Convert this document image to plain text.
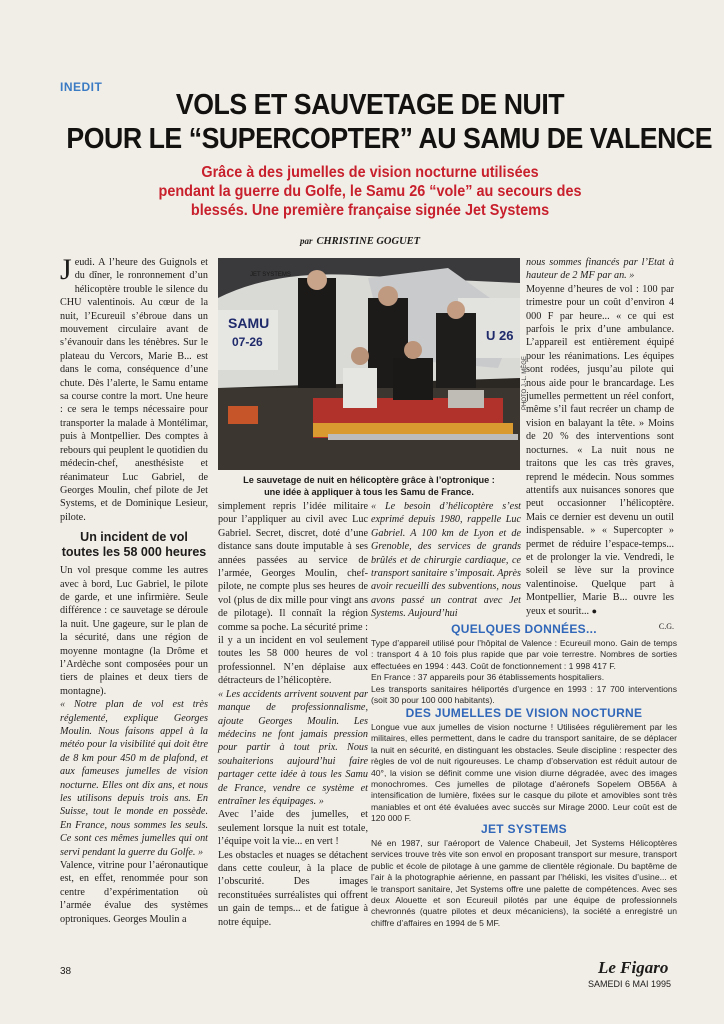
INEDIT
VOLS ET SAUVETAGE DE NUIT
POUR LE “SUPERCOPTER” AU SAMU DE VALENCE
Grâce à des jumelles de vision nocturne utilisées
pendant la guerre du Golfe, le Samu 26 “vole” au secours des
blessés. Une première française signée Jet Systems
par CHRISTINE GOGUET

Jeudi. A l’heure des Guignols et du dîner, le ronronnement d’un hélicoptère trouble le silence du CHU valentinois. Au cœur de la nuit, l’Ecureuil s’ébroue dans un mouvement circulaire avant de s’évanouir dans les ténèbres. Sur le plateau du Vercors, Marie B... est dans le coma, conséquence d’une chute. Dès l’alerte, le Samu entame sa course contre la mort. Une heure : ce sera le temps nécessaire pour transporter la malade à Montélimar, puis à Montpellier. Des comptes à rebours qui peuplent le quotidien du médecin-chef, anesthésiste et réanimateur Luc Gabriel, de Georges Moulin, chef pilote de Jet Systems, et de Dominique Lesieur, pilote.

Un incident de vol toutes les 58 000 heures

Un vol presque comme les autres avec à bord, Luc Gabriel, le pilote de garde, et une infirmière. Seule différence : ce sauvetage se déroule la nuit. Une gageure, sur le plan de la sécurité, dans une région de moyenne montagne (la Drôme et l’Ardèche sont composées pour un tiers de plaines et deux tiers de montagne).

« Notre plan de vol est très réglementé, explique Georges Moulin. Nous faisons appel à la météo pour la visibilité qui doit être de 8 km pour 450 m de plafond, et aux fameuses jumelles de vision nocturne. Elles ont dix ans, et nous les utilisons depuis trois ans. En Suisse, tout le monde en possède. En France, nous sommes les seuls. Ce sont ces mêmes jumelles qui ont servi pendant la guerre du Golfe. »

Valence, vitrine pour l’aéronautique est, en effet, renommée pour son centre d’expérimentation où l’armée évalue des systèmes optroniques. Georges Moulin a

JET SYSTEMS
SAMU
07-26	U 26
PHOTO J.-L. MÈGE
Le sauvetage de nuit en hélicoptère grâce à l’optronique :
une idée à appliquer à tous les Samu de France.

simplement repris l’idée militaire pour l’appliquer au civil avec Luc Gabriel. Secret, discret, doté d’une distance sans doute imputable à ses années passées au service de l’armée, Georges Moulin, chef-pilote, ne compte plus ses heures de vol (plus de dix mille pour vingt ans de pilotage). Il connaît la région comme sa poche. La sécurité prime : il y a un incident en vol seulement toutes les 58 000 heures de vol professionnel. N’en déplaise aux détracteurs de l’hélicoptère.

« Les accidents arrivent souvent par manque de professionnalisme, ajoute Georges Moulin. Les médecins ne font jamais pression pour partir à tout prix. Nous souhaiterions aujourd’hui faire partager cette idée à tous les Samu de France, vendre ce système et entraîner les équipages. »

Avec l’aide des jumelles, et seulement lorsque la nuit est totale, l’équipe voit la vie... en vert !

Les obstacles et nuages se détachent dans cette couleur, à la place de l’obscurité. Des images reconstituées surréalistes qui offrent un gain de temps... et de fatigue à notre équipe.

« Le besoin d’hélicoptère s’est exprimé depuis 1980, rappelle Luc Gabriel. A 100 km de Lyon et de Grenoble, des services de grands brûlés et de chirurgie cardiaque, ce transport sanitaire s’imposait. Après avoir recueilli des subventions, nous avons passé un contrat avec Jet Systems. Aujourd’hui

nous sommes financés par l’Etat à hauteur de 2 MF par an. »

Moyenne d’heures de vol : 100 par trimestre pour un coût d’environ 4 000 F par heure... « ce qui est parfois le prix d’une ambulance. L’appareil est entièrement équipé pour les réanimations. Les équipes sont rodées, jusqu’au pilote qui nous aide pour le brancardage. Les jumelles permettent un réel confort, même s’il faut recréer un champ de vision en balayant la tête. » Moins de 20 % des interventions sont nocturnes. « La nuit nous ne traitons que les cas très graves, reprend le médecin. Nous sommes attentifs aux nuisances sonores que peut occasionner l’hélicoptère. Mais ce dernier est devenu un outil indispensable. » « Supercopter » permet de réduire l’espace-temps... et de prolonger la vie. Vendredi, le soleil se lève sur la province valentinoise. Quelque part à Montpellier, Marie B... ouvre les yeux et sourit... ●

C.G.
QUELQUES DONNÉES...

Type d’appareil utilisé pour l’hôpital de Valence : Ecureuil mono. Gain de temps : transport 4 à 10 fois plus rapide que par voie terrestre. Nombres de sorties effectuées en 1994 : 443. Coût de fonctionnement : 1 998 417 F.

En France : 37 appareils pour 36 établissements hospitaliers.

Les transports sanitaires héliportés d’urgence en 1993 : 17 700 interventions (soit 30 pour 100 000 habitants).

DES JUMELLES DE VISION NOCTURNE

Longue vue aux jumelles de vision nocturne ! Utilisées régulièrement par les militaires, elles permettent, dans le cadre du transport sanitaire, de se déplacer la nuit en sécurité, en distinguant les obstacles. Seule discipline : respecter des règles de vol de nuit rigoureuses. Le champ d’observation est réduit autour de 40°, la vision se définit comme une vision diurne dégradée, avec des images monochromes. Ces jumelles de pilotage d’aéronefs Sopelem OB56A à intensification de lumière, fixées sur le casque du pilote et amovibles sont très maniables et ont été évaluées avec succès sur Mirage 2000. Leur coût est de 120 000 F.

JET SYSTEMS

Né en 1987, sur l’aéroport de Valence Chabeuil, Jet Systems Hélicoptères services trouve très vite son envol en proposant transport sur mesure, transport public et école de pilotage à une gamme de clientèle régionale. Du baptême de l’air à la photographie aérienne, en passant par l’héliski, les visites d’usine... et le transport sanitaire, Jet Systems offre une palette de compétences. Avec ses deux Alouette et son Ecureuil pilotés par une équipe de professionnels chevronnés (quatre pilotes et deux mécaniciens), la société a enregistré un chiffre d’affaires en 1994 de 5 MF.

38	Le Figaro
SAMEDI 6 MAI 1995
